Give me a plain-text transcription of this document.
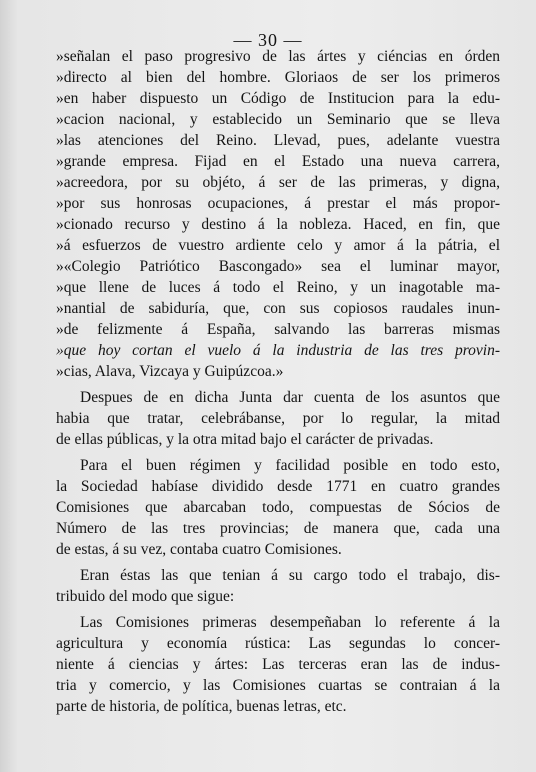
— 30 —
»señalan el paso progresivo de las ártes y ciéncias en órden
»directo al bien del hombre. Gloriaos de ser los primeros
»en haber dispuesto un Código de Institucion para la edu-
»cacion nacional, y establecido un Seminario que se lleva
»las atenciones del Reino. Llevad, pues, adelante vuestra
»grande empresa. Fijad en el Estado una nueva carrera,
»acreedora, por su objéto, á ser de las primeras, y digna,
»por sus honrosas ocupaciones, á prestar el más propor-
»cionado recurso y destino á la nobleza. Haced, en fin, que
»á esfuerzos de vuestro ardiente celo y amor á la pátria, el
»«Colegio Patriótico Bascongado» sea el luminar mayor,
»que llene de luces á todo el Reino, y un inagotable ma-
»nantial de sabiduría, que, con sus copiosos raudales inun-
»de felizmente á España, salvando las barreras mismas
»que hoy cortan el vuelo á la industria de las tres provin-
»cias, Alava, Vizcaya y Guipúzcoa.»
Despues de en dicha Junta dar cuenta de los asuntos que
habia que tratar, celebrábanse, por lo regular, la mitad
de ellas públicas, y la otra mitad bajo el carácter de privadas.
Para el buen régimen y facilidad posible en todo esto,
la Sociedad habíase dividido desde 1771 en cuatro grandes
Comisiones que abarcaban todo, compuestas de Sócios de
Número de las tres provincias; de manera que, cada una
de estas, á su vez, contaba cuatro Comisiones.
Eran éstas las que tenian á su cargo todo el trabajo, dis-
tribuido del modo que sigue:
Las Comisiones primeras desempeñaban lo referente á la
agricultura y economía rústica: Las segundas lo concer-
niente á ciencias y ártes: Las terceras eran las de indus-
tria y comercio, y las Comisiones cuartas se contraian á la
parte de historia, de política, buenas letras, etc.
